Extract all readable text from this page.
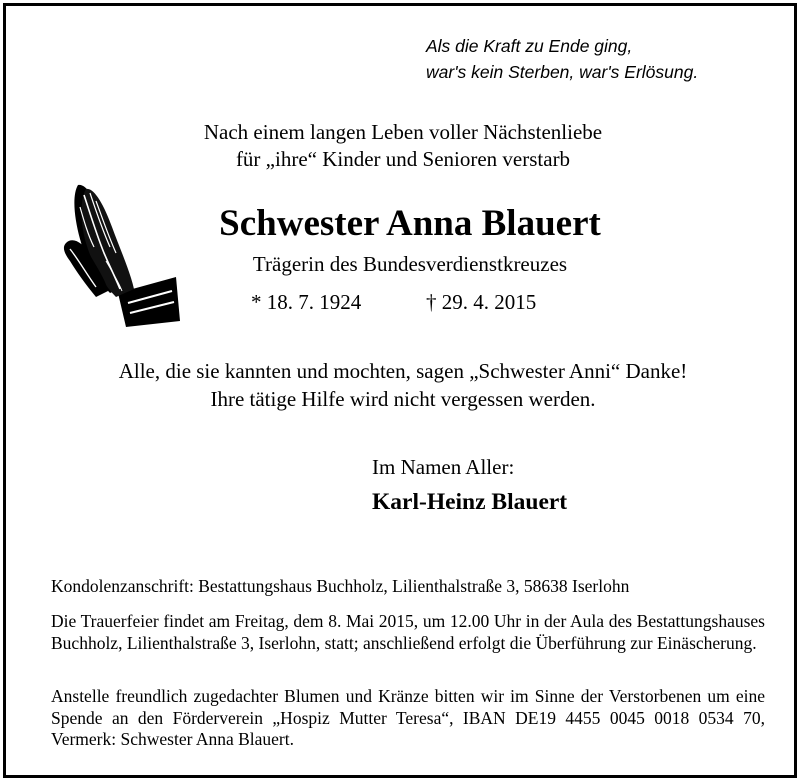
Als die Kraft zu Ende ging,
war's kein Sterben, war's Erlösung.
Nach einem langen Leben voller Nächstenliebe
für „ihre“ Kinder und Senioren verstarb
Schwester Anna Blauert
Trägerin des Bundesverdienstkreuzes
* 18. 7. 1924	† 29. 4. 2015
Alle, die sie kannten und mochten, sagen „Schwester Anni“ Danke!
Ihre tätige Hilfe wird nicht vergessen werden.
Im Namen Aller:
Karl-Heinz Blauert
Kondolenzanschrift: Bestattungshaus Buchholz, Lilienthalstraße 3, 58638 Iserlohn
Die Trauerfeier findet am Freitag, dem 8. Mai 2015, um 12.00 Uhr in der Aula des Bestattungshauses Buchholz, Lilienthalstraße 3, Iserlohn, statt; anschließend erfolgt die Überführung zur Einäscherung.
Anstelle freundlich zugedachter Blumen und Kränze bitten wir im Sinne der Verstorbenen um eine Spende an den Förderverein „Hospiz Mutter Teresa“, IBAN DE19 4455 0045 0018 0534 70, Vermerk: Schwester Anna Blauert.
